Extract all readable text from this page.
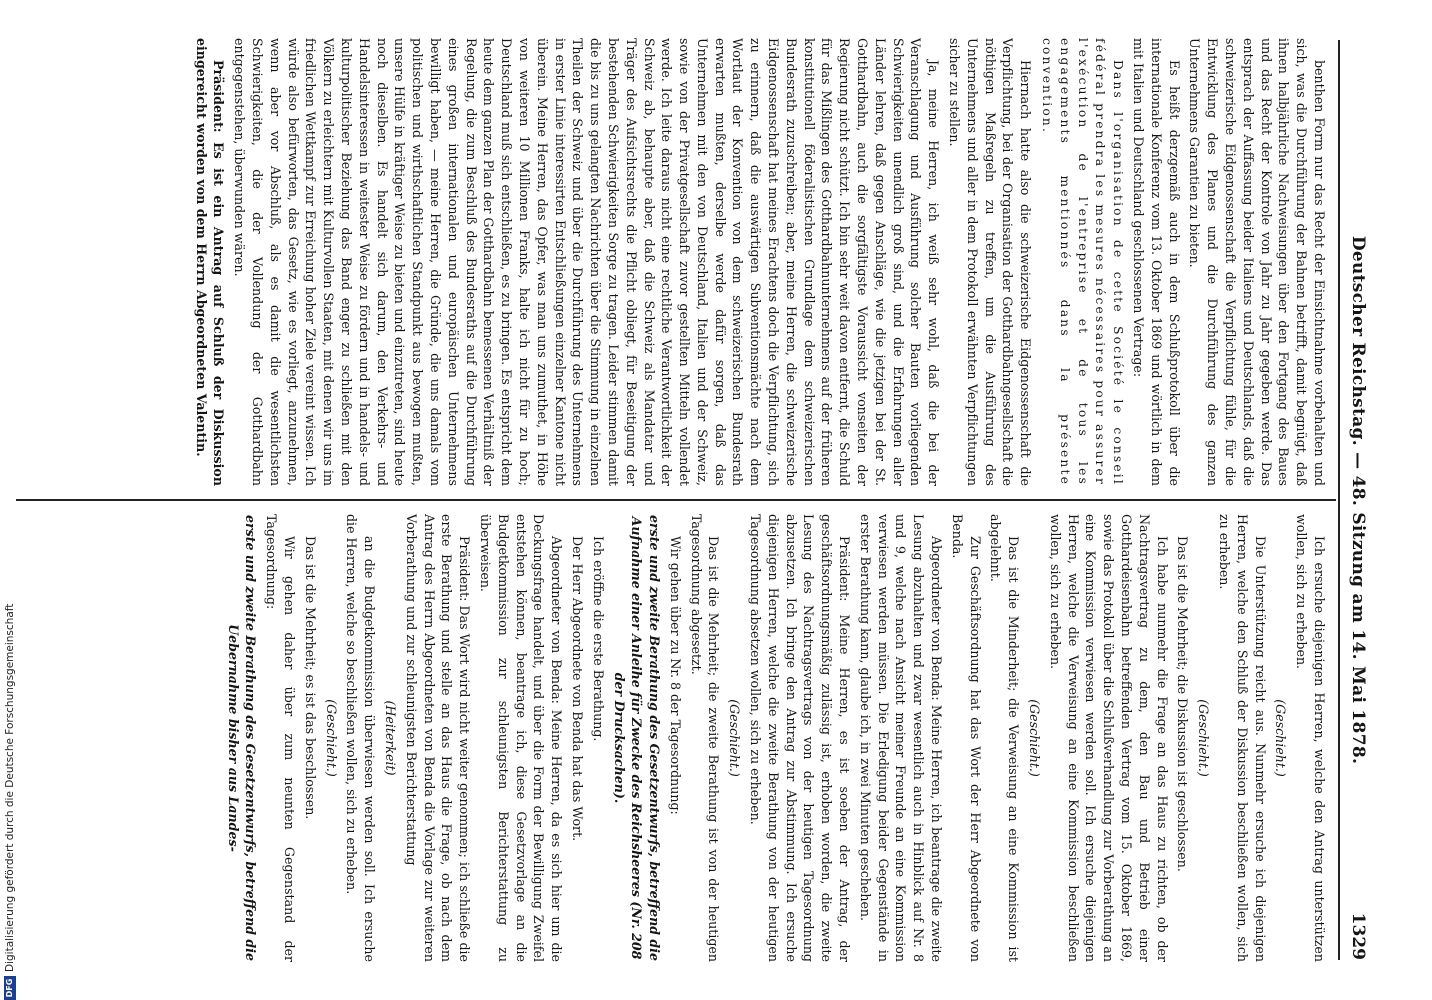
Deutscher Reichstag. — 48. Sitzung am 14. Mai 1878.
1329

benthen Form nur das Recht der Einsichtnahme vorbehalten und sich, was die Durchführung der Bahnen betrifft, damit begnügt, daß ihnen halbjährliche Nachweisungen über den Fortgang des Baues und das Recht der Kontrole von Jahr zu Jahr gegeben werde. Das entsprach der Auffassung beider Italiens und Deutschlands, daß die schweizerische Eidgenossenschaft die Verpflichtung fühle, für die Entwicklung des Planes und die Durchführung des ganzen Unternehmens Garantien zu bieten.

Es heißt derzgemäß auch in dem Schlußprotokoll über die internationale Konferenz vom 13. Oktober 1869 und wörtlich in dem mit Italien und Deutschland geschlossenen Vertrage:

Dans l'organisation de cette Société le conseil fédéral prendra les mesures nécessaires pour assurer l'exécution de l'entreprise et de tous les engagements mentionnés dans la présente convention.

Hiernach hatte also die schweizerische Eidgenossenschaft die Verpflichtung, bei der Organisation der Gotthardbahngesellschaft die nöthigen Maßregeln zu treffen, um die Ausführung des Unternehmens und aller in dem Protokoll erwähnten Verpflichtungen sicher zu stellen.

Ja, meine Herren, ich weiß sehr wohl, daß die bei der Veranschlagung und Ausführung solcher Bauten vorliegenden Schwierigkeiten unendlich groß sind, und die Erfahrungen aller Länder lehren, daß gegen Anschläge, wie die jetzigen bei der St. Gotthardbahn, auch die sorgfältigste Voraussicht vonseiten der Regierung nicht schützt. Ich bin sehr weit davon entfernt, die Schuld für das Mißlingen des Gotthardbahnunternehmens auf der früheren konstitutionell föderalistischen Grundlage dem schweizerischen Bundesrath zuzuschreiben; aber, meine Herren, die schweizerische Eidgenossenschaft hat meines Erachtens doch die Verpflichtung, sich zu erinnern, daß die auswärtigen Subventionsmächte nach dem Wortlaut der Konvention von dem schweizerischen Bundesrath erwarten mußten, derselbe werde dafür sorgen, daß das Unternehmen mit den von Deutschland, Italien und der Schweiz, sowie von der Privatgesellschaft zuvor gestellten Mitteln vollendet werde. Ich leite daraus nicht eine rechtliche Verantwortlichkeit der Schweiz ab, behaupte aber, daß die Schweiz als Mandatar und Träger des Aufsichtsrechts die Pflicht obliegt, für Beseitigung der bestehenden Schwierigkeiten Sorge zu tragen. Leider stimmen damit die bis zu uns gelangten Nachrichten über die Stimmung in einzelnen Theilen der Schweiz und über die Durchführung des Unternehmens in erster Linie interessirten Entschließungen einzelner Kantone nicht überein. Meine Herren, das Opfer, was man uns zumuthet, in Höhe von weiteren 10 Millionen Franks, halte ich nicht für zu hoch; Deutschland muß sich entschließen, es zu bringen. Es entspricht dem heute dem ganzen Plan der Gotthardbahn bemessenen Verhältniß der Regelung, die zum Beschluß des Bundesraths auf die Durchführung eines großen internationalen und europäischen Unternehmens bewilligt haben, — meine Herren, die Gründe, die uns damals vom politischen und wirthschaftlichen Standpunkt aus bewogen mußten, unsere Hülfe in kräftiger Weise zu bieten und einzutreten, sind heute noch dieselben. Es handelt sich darum, den Verkehrs- und Handelsinteressen in weitester Weise zu fördern und in handels- und kulturpolitischer Beziehung das Band enger zu schließen mit den Völkern zu erleichtern mit Kulturvollen Staaten, mit denen wir uns im friedlichen Wettkampf zur Erreichung hoher Ziele vereint wissen. Ich würde also befürworten, das Gesetz, wie es vorliegt, anzunehmen, wenn aber vor Abschluß, als es damit die wesentlichsten Schwierigkeiten, die der Vollendung der Gotthardbahn entgegenstehen, überwunden wären.

Präsident: Es ist ein Antrag auf Schluß der Diskussion eingereicht worden von dem Herrn Abgeordneten Valentin.

Ich ersuche diejenigen Herren, welche den Antrag unterstützen wollen, sich zu erheben.

(Geschieht.)

Die Unterstützung reicht aus. Nunmehr ersuche ich diejenigen Herren, welche den Schluß der Diskussion beschließen wollen, sich zu erheben.

(Geschieht.)

Das ist die Mehrheit; die Diskussion ist geschlossen.

Ich habe nunmehr die Frage an das Haus zu richten, ob der Nachtragsvertrag zu dem, den Bau und Betrieb einer Gotthardeisenbahn betreffenden Vertrag vom 15. Oktober 1869, sowie das Protokoll über die Schlußverhandlung zur Vorberathung an eine Kommission verwiesen werden soll. Ich ersuche diejenigen Herren, welche die Verweisung an eine Kommission beschließen wollen, sich zu erheben.

(Geschieht.)

Das ist die Minderheit; die Verweisung an eine Kommission ist abgelehnt.

Zur Geschäftsordnung hat das Wort der Herr Abgeordnete von Benda.

Abgeordneter von Benda: Meine Herren, ich beantrage die zweite Lesung abzuhalten und zwar wesentlich auch in Hinblick auf Nr. 8 und 9, welche nach Ansicht meiner Freunde an eine Kommission verwiesen werden müssen. Die Erledigung beider Gegenstände in erster Berathung kann, glaube ich, in zwei Minuten geschehen.

Präsident: Meine Herren, es ist soeben der Antrag, der geschäftsordnungsmäßig zulässig ist, erhoben worden, die zweite Lesung des Nachtragsvertrags von der heutigen Tagesordnung abzusetzen. Ich bringe den Antrag zur Abstimmung. Ich ersuche diejenigen Herren, welche die zweite Berathung von der heutigen Tagesordnung absetzen wollen, sich zu erheben.

(Geschieht.)

Das ist die Mehrheit; die zweite Berathung ist von der heutigen Tagesordnung abgesetzt.

Wir gehen über zu Nr. 8 der Tagesordnung:

erste und zweite Berathung des Gesetzentwurfs, betreffend die Aufnahme einer Anleihe für Zwecke des Reichsheeres (Nr. 208 der Drucksachen).

Ich eröffne die erste Berathung.

Der Herr Abgeordnete von Benda hat das Wort.

Abgeordneter von Benda: Meine Herren, da es sich hier um die Deckungsfrage handelt, und über die Form der Bewilligung Zweifel entstehen können, beantrage ich, diese Gesetzvorlage an die Budgetkommission zur schleunigsten Berichterstattung zu überweisen.

Präsident: Das Wort wird nicht weiter genommen; ich schließe die erste Berathung und stelle an das Haus die Frage, ob nach dem Antrag des Herrn Abgeordneten von Benda die Vorlage zur weiteren Vorberathung und zur schleunigsten Berichterstattung

(Heiterkeit)

an die Budgetkommission überwiesen werden soll. Ich ersuche die Herren, welche so beschließen wollen, sich zu erheben.

(Geschieht.)

Das ist die Mehrheit; es ist das beschlossen.

Wir gehen daher über zum neunten Gegenstand der Tagesordnung:

erste und zweite Berathung des Gesetzentwurfs, betreffend die Uebernahme bisher aus Landes-

DFGDigitalisierung gefördert durch die Deutsche Forschungsgemeinschaft
